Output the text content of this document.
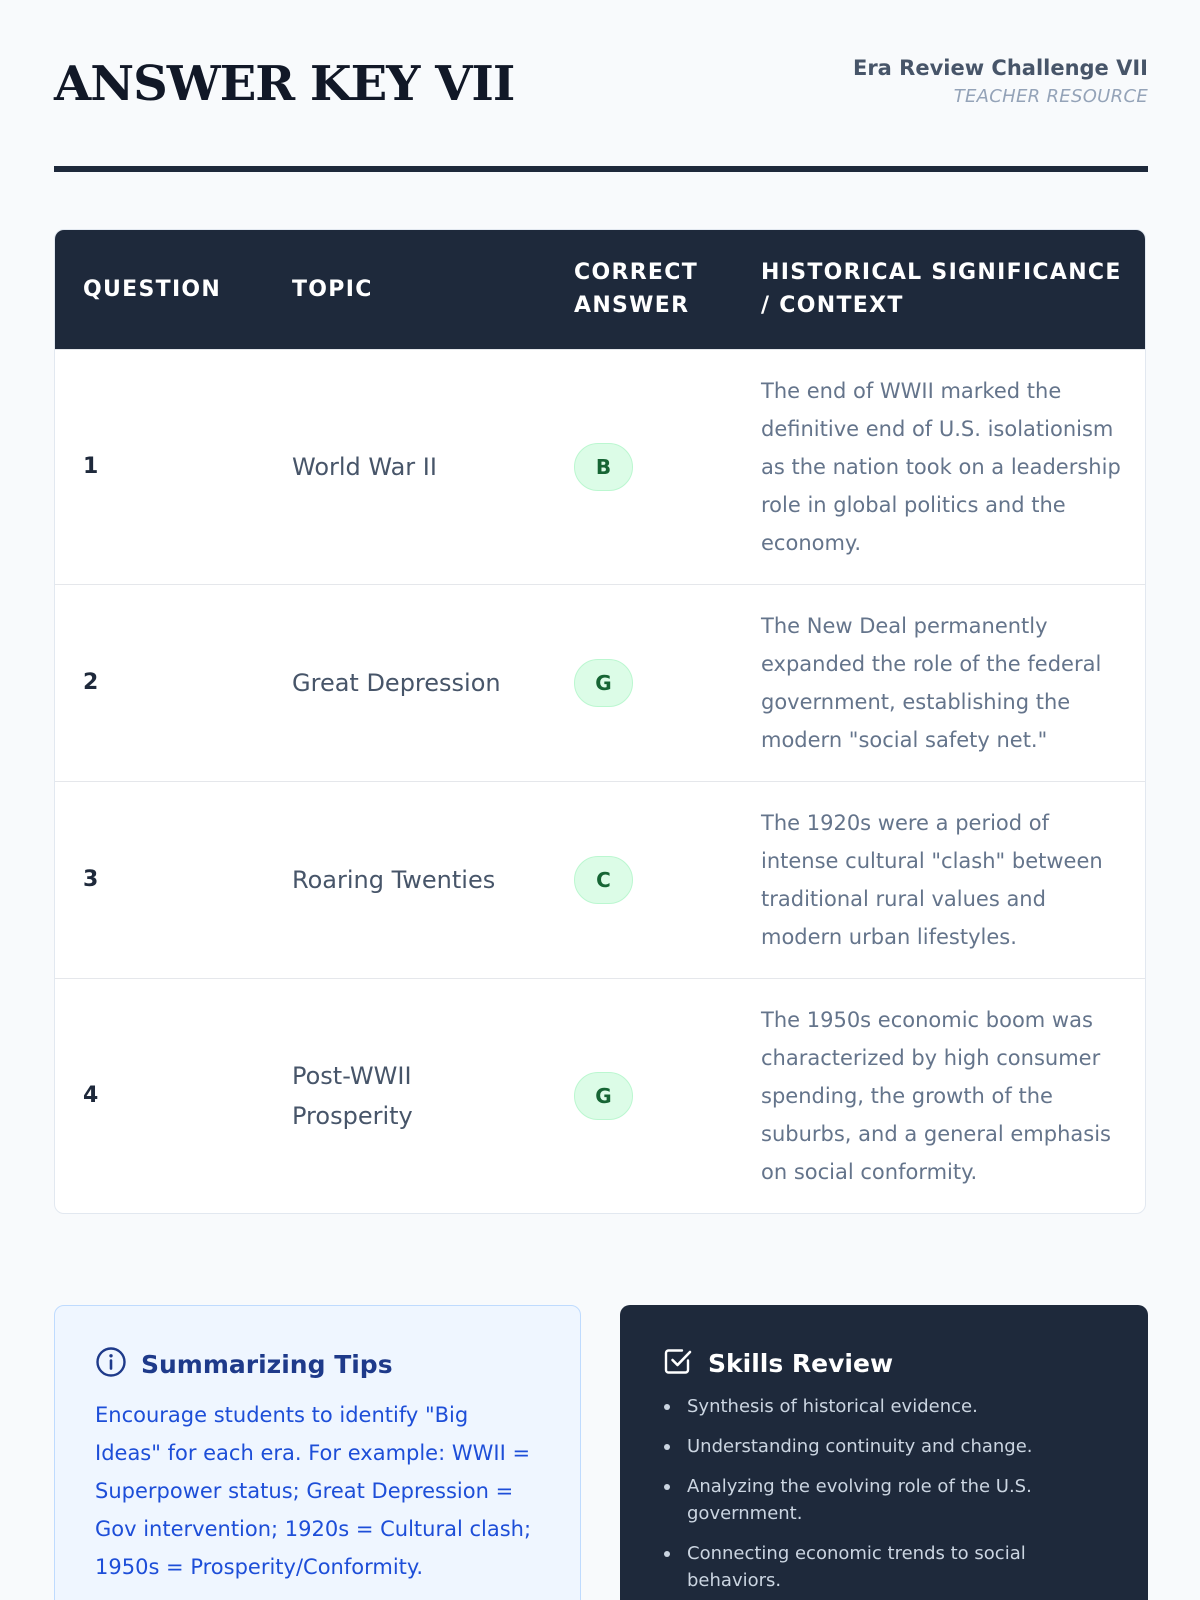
ANSWER KEY VII	Era Review Challenge VII
TEACHER RESOURCE
QUESTION	TOPIC	CORRECT ANSWER	HISTORICAL SIGNIFICANCE / CONTEXT
1	World War II	B	The end of WWII marked the definitive end of U.S. isolationism as the nation took on a leadership role in global politics and the economy.
2	Great Depression	G	The New Deal permanently expanded the role of the federal government, establishing the modern "social safety net."
3	Roaring Twenties	C	The 1920s were a period of intense cultural "clash" between traditional rural values and modern urban lifestyles.
4	Post-WWII Prosperity	G	The 1950s economic boom was characterized by high consumer spending, the growth of the suburbs, and a general emphasis on social conformity.
Summarizing Tips

Encourage students to identify "Big Ideas" for each era. For example: WWII = Superpower status; Great Depression = Gov intervention; 1920s = Cultural clash; 1950s = Prosperity/Conformity.

Skills Review
Synthesis of historical evidence.
Understanding continuity and change.
Analyzing the evolving role of the U.S. government.
Connecting economic trends to social behaviors.
